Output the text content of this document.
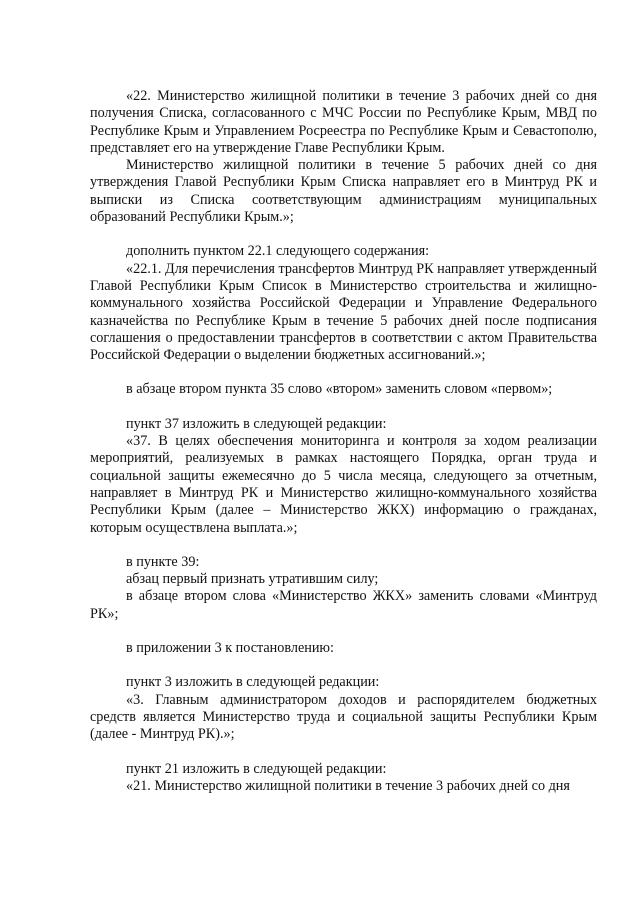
«22. Министерство жилищной политики в течение 3 рабочих дней со дня получения Списка, согласованного с МЧС России по Республике Крым, МВД по Республике Крым и Управлением Росреестра по Республике Крым и Севастополю, представляет его на утверждение Главе Республики Крым.

Министерство жилищной политики в течение 5 рабочих дней со дня утверждения Главой Республики Крым Списка направляет его в Минтруд РК и выписки из Списка соответствующим администрациям муниципальных образований Республики Крым.»;

дополнить пунктом 22.1 следующего содержания:

«22.1. Для перечисления трансфертов Минтруд РК направляет утвержденный Главой Республики Крым Список в Министерство строительства и жилищно-коммунального хозяйства Российской Федерации и Управление Федерального казначейства по Республике Крым в течение 5 рабочих дней после подписания соглашения о предоставлении трансфертов в соответствии с актом Правительства Российской Федерации о выделении бюджетных ассигнований.»;

в абзаце втором пункта 35 слово «втором» заменить словом «первом»;

пункт 37 изложить в следующей редакции:

«37. В целях обеспечения мониторинга и контроля за ходом реализации мероприятий, реализуемых в рамках настоящего Порядка, орган труда и социальной защиты ежемесячно до 5 числа месяца, следующего за отчетным, направляет в Минтруд РК и Министерство жилищно-коммунального хозяйства Республики Крым (далее – Министерство ЖКХ) информацию о гражданах, которым осуществлена выплата.»;

в пункте 39:

абзац первый признать утратившим силу;

в абзаце втором слова «Министерство ЖКХ» заменить словами «Минтруд РК»;

в приложении 3 к постановлению:

пункт 3 изложить в следующей редакции:

«3. Главным администратором доходов и распорядителем бюджетных средств является Министерство труда и социальной защиты Республики Крым (далее - Минтруд РК).»;

пункт 21 изложить в следующей редакции:

«21. Министерство жилищной политики в течение 3 рабочих дней со дня
